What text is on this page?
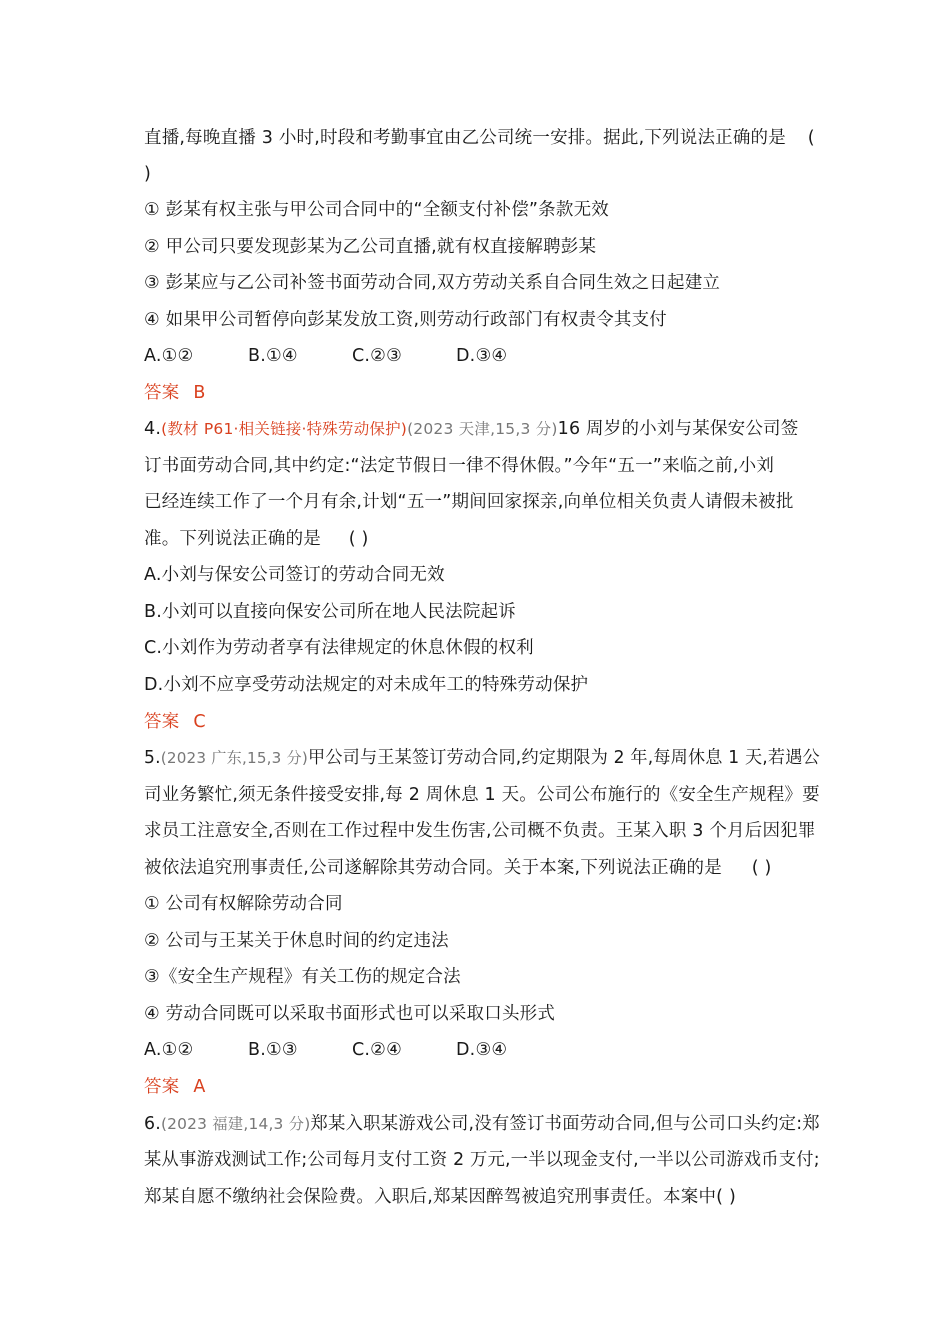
直播,每晚直播 3 小时,时段和考勤事宜由乙公司统一安排。据此,下列说法正确的是 (
)
① 彭某有权主张与甲公司合同中的“全额支付补偿”条款无效
② 甲公司只要发现彭某为乙公司直播,就有权直接解聘彭某
③ 彭某应与乙公司补签书面劳动合同,双方劳动关系自合同生效之日起建立
④ 如果甲公司暂停向彭某发放工资,则劳动行政部门有权责令其支付
A.①②	B.①④	C.②③	D.③④
答案 B
4.(教材 P61·相关链接·特殊劳动保护)(2023 天津,15,3 分)16 周岁的小刘与某保安公司签
订书面劳动合同,其中约定:“法定节假日一律不得休假。”今年“五一”来临之前,小刘
已经连续工作了一个月有余,计划“五一”期间回家探亲,向单位相关负责人请假未被批
准。下列说法正确的是 ( )
A.小刘与保安公司签订的劳动合同无效
B.小刘可以直接向保安公司所在地人民法院起诉
C.小刘作为劳动者享有法律规定的休息休假的权利
D.小刘不应享受劳动法规定的对未成年工的特殊劳动保护
答案 C
5.(2023 广东,15,3 分)甲公司与王某签订劳动合同,约定期限为 2 年,每周休息 1 天,若遇公
司业务繁忙,须无条件接受安排,每 2 周休息 1 天。公司公布施行的《安全生产规程》要
求员工注意安全,否则在工作过程中发生伤害,公司概不负责。王某入职 3 个月后因犯罪
被依法追究刑事责任,公司遂解除其劳动合同。关于本案,下列说法正确的是 ( )
① 公司有权解除劳动合同
② 公司与王某关于休息时间的约定违法
③《安全生产规程》有关工伤的规定合法
④ 劳动合同既可以采取书面形式也可以采取口头形式
A.①②	B.①③	C.②④	D.③④
答案 A
6.(2023 福建,14,3 分)郑某入职某游戏公司,没有签订书面劳动合同,但与公司口头约定:郑
某从事游戏测试工作;公司每月支付工资 2 万元,一半以现金支付,一半以公司游戏币支付;
郑某自愿不缴纳社会保险费。入职后,郑某因醉驾被追究刑事责任。本案中( )
